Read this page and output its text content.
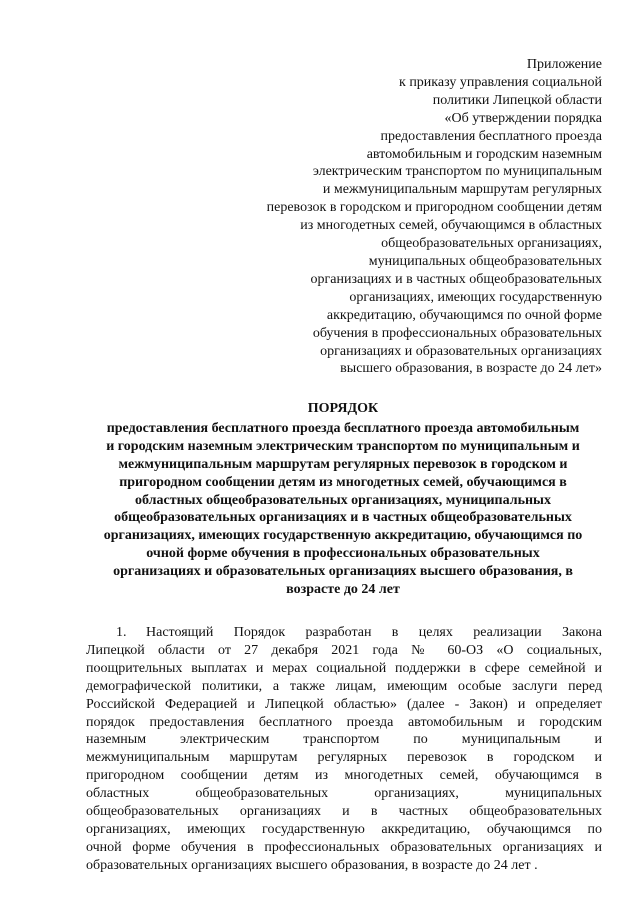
Приложение
к приказу управления социальной
политики Липецкой области
«Об утверждении порядка
предоставления бесплатного проезда
автомобильным и городским наземным
электрическим транспортом по муниципальным
и межмуниципальным маршрутам регулярных
перевозок в городском и пригородном сообщении детям
из многодетных семей, обучающимся в областных
общеобразовательных организациях,
муниципальных общеобразовательных
организациях и в частных общеобразовательных
организациях, имеющих государственную
аккредитацию, обучающимся по очной форме
обучения в профессиональных образовательных
организациях и образовательных организациях
высшего образования, в возрасте до 24 лет»
ПОРЯДОК
предоставления бесплатного проезда бесплатного проезда автомобильным
и городским наземным электрическим транспортом по муниципальным и
межмуниципальным маршрутам регулярных перевозок в городском и
пригородном сообщении детям из многодетных семей, обучающимся в
областных общеобразовательных организациях, муниципальных
общеобразовательных организациях и в частных общеобразовательных
организациях, имеющих государственную аккредитацию, обучающимся по
очной форме обучения в профессиональных образовательных
организациях и образовательных организациях высшего образования, в
возрасте до 24 лет
1.	Настоящий Порядок разработан в целях реализации Закона
Липецкой области от 27 декабря 2021 года № 60-ОЗ «О социальных,
поощрительных выплатах и мерах социальной поддержки в сфере семейной и
демографической политики, а также лицам, имеющим особые заслуги перед
Российской Федерацией и Липецкой областью» (далее - Закон) и определяет
порядок предоставления бесплатного проезда автомобильным и городским
наземным электрическим транспортом по муниципальным и
межмуниципальным маршрутам регулярных перевозок в городском и
пригородном сообщении детям из многодетных семей, обучающимся в
областных общеобразовательных организациях, муниципальных
общеобразовательных организациях и в частных общеобразовательных
организациях, имеющих государственную аккредитацию, обучающимся по
очной форме обучения в профессиональных образовательных организациях и
образовательных организациях высшего образования, в возрасте до 24 лет .
